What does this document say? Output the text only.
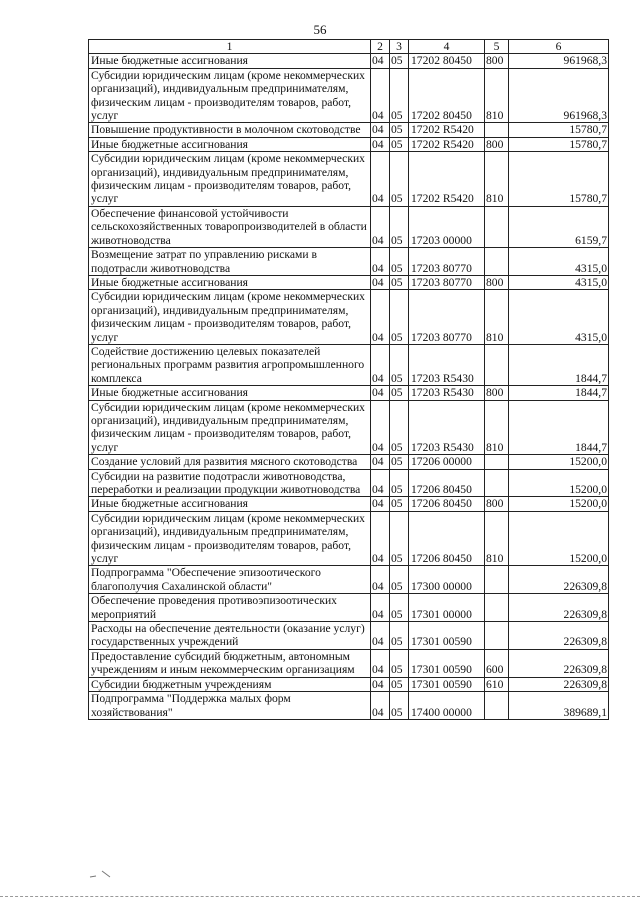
56
1	2	3	4	5	6
Иные бюджетные ассигнования	04	05	17202 80450	800	961968,3
Субсидии юридическим лицам (кроме некоммерческих организаций), индивидуальным предпринимателям, физическим лицам - производителям товаров, работ, услуг	04	05	17202 80450	810	961968,3
Повышение продуктивности в молочном скотоводстве	04	05	17202 R5420		15780,7
Иные бюджетные ассигнования	04	05	17202 R5420	800	15780,7
Субсидии юридическим лицам (кроме некоммерческих организаций), индивидуальным предпринимателям, физическим лицам - производителям товаров, работ, услуг	04	05	17202 R5420	810	15780,7
Обеспечение финансовой устойчивости сельскохозяйственных товаропроизводителей в области животноводства	04	05	17203 00000		6159,7
Возмещение затрат по управлению рисками в подотрасли животноводства	04	05	17203 80770		4315,0
Иные бюджетные ассигнования	04	05	17203 80770	800	4315,0
Субсидии юридическим лицам (кроме некоммерческих организаций), индивидуальным предпринимателям, физическим лицам - производителям товаров, работ, услуг	04	05	17203 80770	810	4315,0
Содействие достижению целевых показателей региональных программ развития агропромышленного комплекса	04	05	17203 R5430		1844,7
Иные бюджетные ассигнования	04	05	17203 R5430	800	1844,7
Субсидии юридическим лицам (кроме некоммерческих организаций), индивидуальным предпринимателям, физическим лицам - производителям товаров, работ, услуг	04	05	17203 R5430	810	1844,7
Создание условий для развития мясного скотоводства	04	05	17206 00000		15200,0
Субсидии на развитие подотрасли животноводства, переработки и реализации продукции животноводства	04	05	17206 80450		15200,0
Иные бюджетные ассигнования	04	05	17206 80450	800	15200,0
Субсидии юридическим лицам (кроме некоммерческих организаций), индивидуальным предпринимателям, физическим лицам - производителям товаров, работ, услуг	04	05	17206 80450	810	15200,0
Подпрограмма "Обеспечение эпизоотического благополучия Сахалинской области"	04	05	17300 00000		226309,8
Обеспечение проведения противоэпизоотических мероприятий	04	05	17301 00000		226309,8
Расходы на обеспечение деятельности (оказание услуг) государственных учреждений	04	05	17301 00590		226309,8
Предоставление субсидий бюджетным, автономным учреждениям и иным некоммерческим организациям	04	05	17301 00590	600	226309,8
Субсидии бюджетным учреждениям	04	05	17301 00590	610	226309,8
Подпрограмма "Поддержка малых форм хозяйствования"	04	05	17400 00000		389689,1
